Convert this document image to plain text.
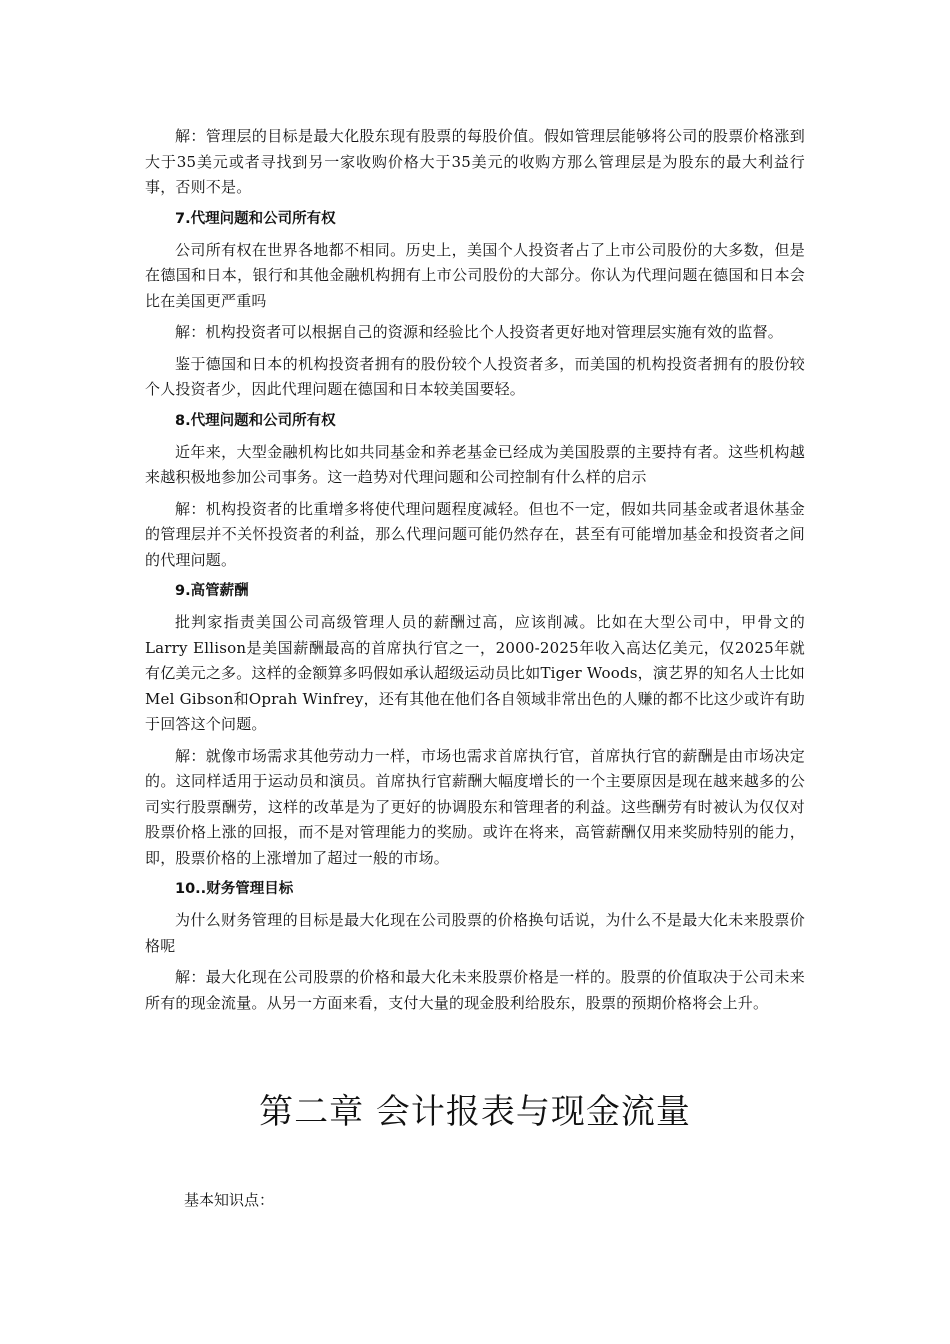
解：管理层的目标是最大化股东现有股票的每股价值。假如管理层能够将公司的股票价格涨到大于35美元或者寻找到另一家收购价格大于35美元的收购方那么管理层是为股东的最大利益行事，否则不是。

7.代理问题和公司所有权

公司所有权在世界各地都不相同。历史上，美国个人投资者占了上市公司股份的大多数，但是在德国和日本，银行和其他金融机构拥有上市公司股份的大部分。你认为代理问题在德国和日本会比在美国更严重吗

解：机构投资者可以根据自己的资源和经验比个人投资者更好地对管理层实施有效的监督。

鉴于德国和日本的机构投资者拥有的股份较个人投资者多，而美国的机构投资者拥有的股份较个人投资者少，因此代理问题在德国和日本较美国要轻。

8.代理问题和公司所有权

近年来，大型金融机构比如共同基金和养老基金已经成为美国股票的主要持有者。这些机构越来越积极地参加公司事务。这一趋势对代理问题和公司控制有什么样的启示

解：机构投资者的比重增多将使代理问题程度减轻。但也不一定，假如共同基金或者退休基金的管理层并不关怀投资者的利益，那么代理问题可能仍然存在，甚至有可能增加基金和投资者之间的代理问题。

9.高管薪酬

批判家指责美国公司高级管理人员的薪酬过高，应该削减。比如在大型公司中，甲骨文的Larry Ellison是美国薪酬最高的首席执行官之一，2000-2025年收入高达亿美元，仅2025年就有亿美元之多。这样的金额算多吗假如承认超级运动员比如Tiger Woods，演艺界的知名人士比如Mel Gibson和Oprah Winfrey，还有其他在他们各自领域非常出色的人赚的都不比这少或许有助于回答这个问题。

解：就像市场需求其他劳动力一样，市场也需求首席执行官，首席执行官的薪酬是由市场决定的。这同样适用于运动员和演员。首席执行官薪酬大幅度增长的一个主要原因是现在越来越多的公司实行股票酬劳，这样的改革是为了更好的协调股东和管理者的利益。这些酬劳有时被认为仅仅对股票价格上涨的回报，而不是对管理能力的奖励。或许在将来，高管薪酬仅用来奖励特别的能力，即，股票价格的上涨增加了超过一般的市场。

10..财务管理目标

为什么财务管理的目标是最大化现在公司股票的价格换句话说，为什么不是最大化未来股票价格呢

解：最大化现在公司股票的价格和最大化未来股票价格是一样的。股票的价值取决于公司未来所有的现金流量。从另一方面来看，支付大量的现金股利给股东，股票的预期价格将会上升。

第二章 会计报表与现金流量
基本知识点：
